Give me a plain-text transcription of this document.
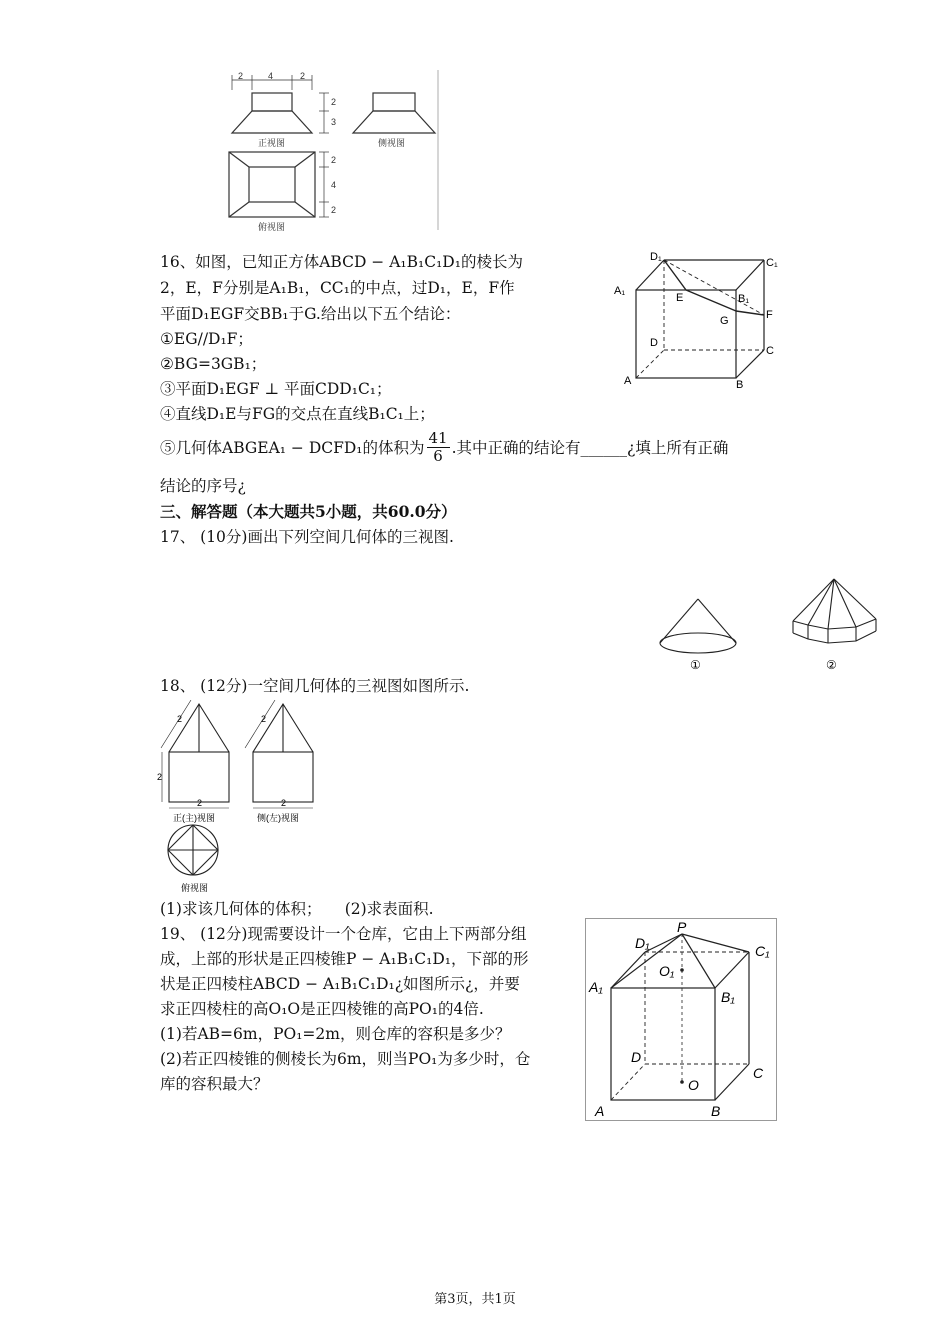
2	4	2
2
3
2
4
2
正视图	侧视图
俯视图
16、如图，已知正方体ABCD − A₁B₁C₁D₁的棱长为
2，E，F分别是A₁B₁，CC₁的中点，过D₁，E，F作
平面D₁EGF交BB₁于G.给出以下五个结论：
①EG//D₁F；
②BG=3GB₁；
③平面D₁EGF ⊥ 平面CDD₁C₁；
④直线D₁E与FG的交点在直线B₁C₁上；
⑤几何体ABGEA₁ − DCFD₁的体积为 $\frac{41}{6}$ .其中正确的结论有______¿填上所有正确
结论的序号¿
D₁	C₁
A₁
E	B₁
G	F
D
C
A	B
三、解答题（本大题共5小题，共60.0分）
17、 (10分)画出下列空间几何体的三视图.
①	②
18、 (12分)一空间几何体的三视图如图所示.
2
2
2
2
2
正(主)视图	侧(左)视图
俯视图
(1)求该几何体的体积；　　(2)求表面积.
19、 (12分)现需要设计一个仓库，它由上下两部分组
成，上部的形状是正四棱锥P − A₁B₁C₁D₁，下部的形
状是正四棱柱ABCD − A₁B₁C₁D₁¿如图所示¿，并要
求正四棱柱的高O₁O是正四棱锥的高PO₁的4倍.
(1)若AB=6m，PO₁=2m，则仓库的容积是多少？
(2)若正四棱锥的侧棱长为6m，则当PO₁为多少时，仓
库的容积最大？
P
D₁	C₁
A₁
B₁
O₁
D
C
O
A	B
第3页，共1页
